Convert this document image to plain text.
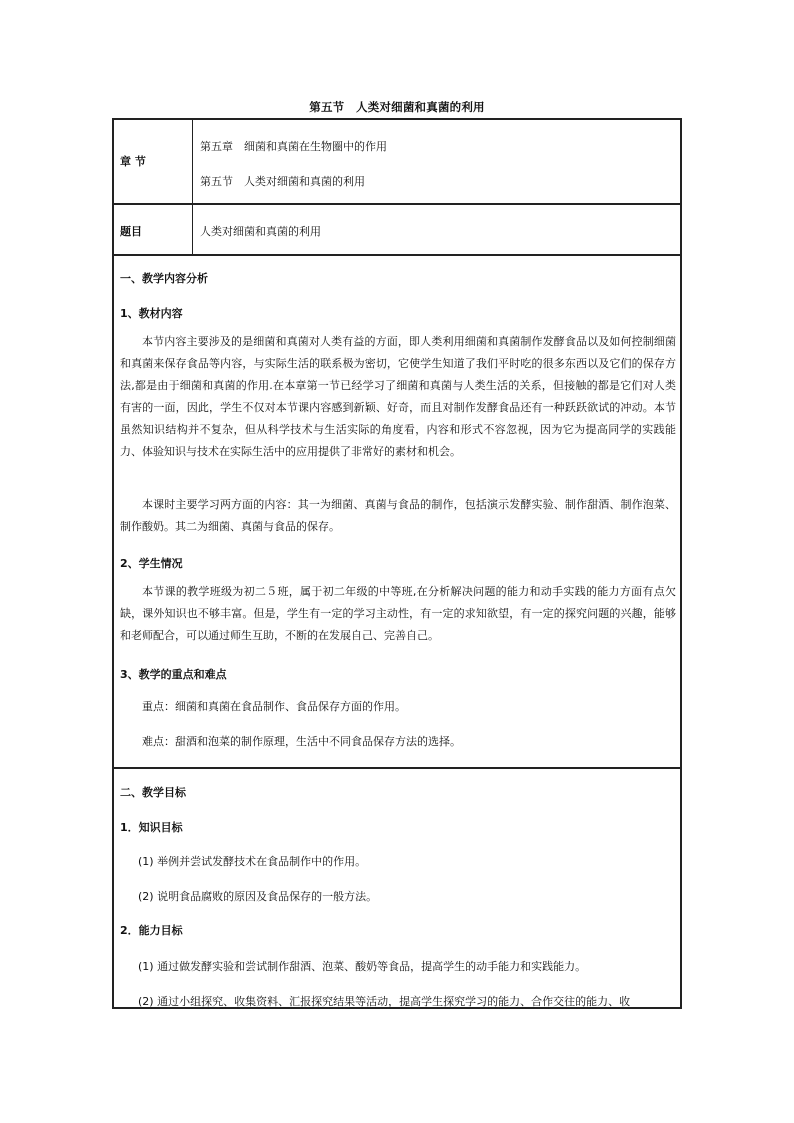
第五节　人类对细菌和真菌的利用
章 节
第五章　细菌和真菌在生物圈中的作用
第五节　人类对细菌和真菌的利用
题目	人类对细菌和真菌的利用
一、教学内容分析
1、教材内容
本节内容主要涉及的是细菌和真菌对人类有益的方面，即人类利用细菌和真菌制作发酵食品以及如何控制细菌和真菌来保存食品等内容，与实际生活的联系极为密切，它使学生知道了我们平时吃的很多东西以及它们的保存方法,都是由于细菌和真菌的作用.在本章第一节已经学习了细菌和真菌与人类生活的关系，但接触的都是它们对人类有害的一面，因此，学生不仅对本节课内容感到新颖、好奇，而且对制作发酵食品还有一种跃跃欲试的冲动。本节虽然知识结构并不复杂，但从科学技术与生活实际的角度看，内容和形式不容忽视，因为它为提高同学的实践能力、体验知识与技术在实际生活中的应用提供了非常好的素材和机会。
本课时主要学习两方面的内容：其一为细菌、真菌与食品的制作，包括演示发酵实验、制作甜酒、制作泡菜、制作酸奶。其二为细菌、真菌与食品的保存。
2、学生情况
本节课的教学班级为初二５班，属于初二年级的中等班,在分析解决问题的能力和动手实践的能力方面有点欠缺，课外知识也不够丰富。但是，学生有一定的学习主动性，有一定的求知欲望，有一定的探究问题的兴趣，能够和老师配合，可以通过师生互助，不断的在发展自己、完善自己。
3、教学的重点和难点
重点：细菌和真菌在食品制作、食品保存方面的作用。
难点：甜酒和泡菜的制作原理，生活中不同食品保存方法的选择。
二、教学目标
1．知识目标
(1) 举例并尝试发酵技术在食品制作中的作用。
(2) 说明食品腐败的原因及食品保存的一般方法。
2．能力目标
(1) 通过做发酵实验和尝试制作甜酒、泡菜、酸奶等食品，提高学生的动手能力和实践能力。
(2) 通过小组探究、收集资料、汇报探究结果等活动，提高学生探究学习的能力、合作交往的能力、收
